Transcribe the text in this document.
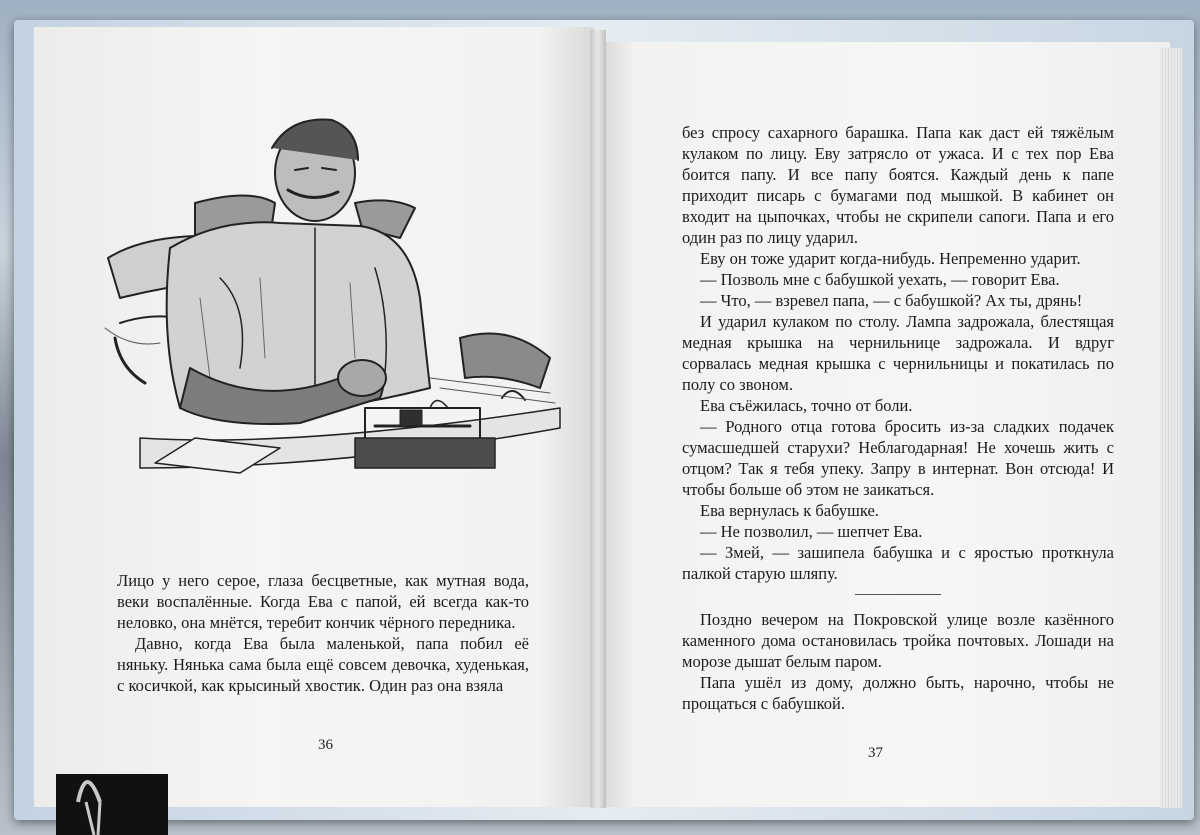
Лицо у него серое, глаза бесцветные, как мутная вода, веки воспалённые. Когда Ева с папой, ей всегда как-то неловко, она мнётся, теребит кончик чёрного передника.

Давно, когда Ева была маленькой, папа побил её няньку. Нянька сама была ещё совсем девочка, худенькая, с косичкой, как крысиный хвостик. Один раз она взяла

36

без спросу сахарного барашка. Папа как даст ей тяжёлым кулаком по лицу. Еву затрясло от ужаса. И с тех пор Ева боится папу. И все папу боятся. Каждый день к папе приходит писарь с бумагами под мышкой. В кабинет он входит на цыпочках, чтобы не скрипели сапоги. Папа и его один раз по лицу ударил.

Еву он тоже ударит когда-нибудь. Непременно ударит.

— Позволь мне с бабушкой уехать, — говорит Ева.

— Что, — взревел папа, — с бабушкой? Ах ты, дрянь!

И ударил кулаком по столу. Лампа задрожала, блестящая медная крышка на чернильнице задрожала. И вдруг сорвалась медная крышка с чернильницы и покатилась по полу со звоном.

Ева съёжилась, точно от боли.

— Родного отца готова бросить из-за сладких подачек сумасшедшей старухи? Неблагодарная! Не хочешь жить с отцом? Так я тебя упеку. Запру в интернат. Вон отсюда! И чтобы больше об этом не заикаться.

Ева вернулась к бабушке.

— Не позволил, — шепчет Ева.

— Змей, — зашипела бабушка и с яростью проткнула палкой старую шляпу.

Поздно вечером на Покровской улице возле казённого каменного дома остановилась тройка почтовых. Лошади на морозе дышат белым паром.

Папа ушёл из дому, должно быть, нарочно, чтобы не прощаться с бабушкой.

37
